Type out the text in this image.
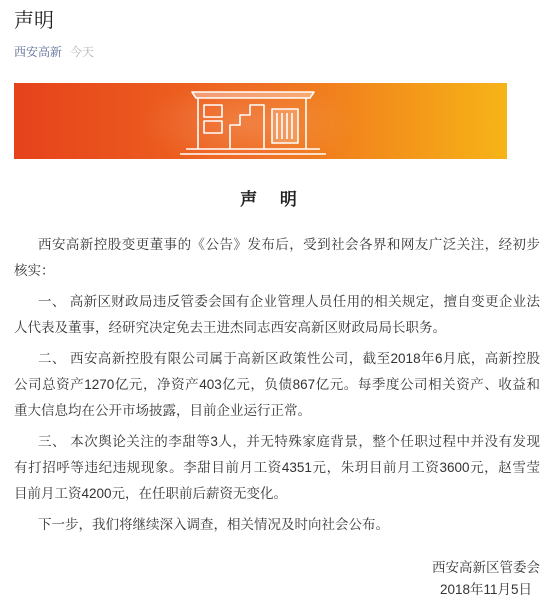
声明
西安高新 今天
声 明
西安高新控股变更董事的《公告》发布后，受到社会各界和网友广泛关注，经初步
核实：
一、 高新区财政局违反管委会国有企业管理人员任用的相关规定，擅自变更企业法
人代表及董事，经研究决定免去王进杰同志西安高新区财政局局长职务。
二、 西安高新控股有限公司属于高新区政策性公司，截至2018年6月底，高新控股
公司总资产1270亿元，净资产403亿元，负债867亿元。每季度公司相关资产、收益和
重大信息均在公开市场披露，目前企业运行正常。
三、 本次舆论关注的李甜等3人，并无特殊家庭背景，整个任职过程中并没有发现
有打招呼等违纪违规现象。李甜目前月工资4351元，朱玥目前月工资3600元，赵雪莹
目前月工资4200元，在任职前后薪资无变化。
下一步，我们将继续深入调查，相关情况及时向社会公布。
西安高新区管委会
2018年11月5日
